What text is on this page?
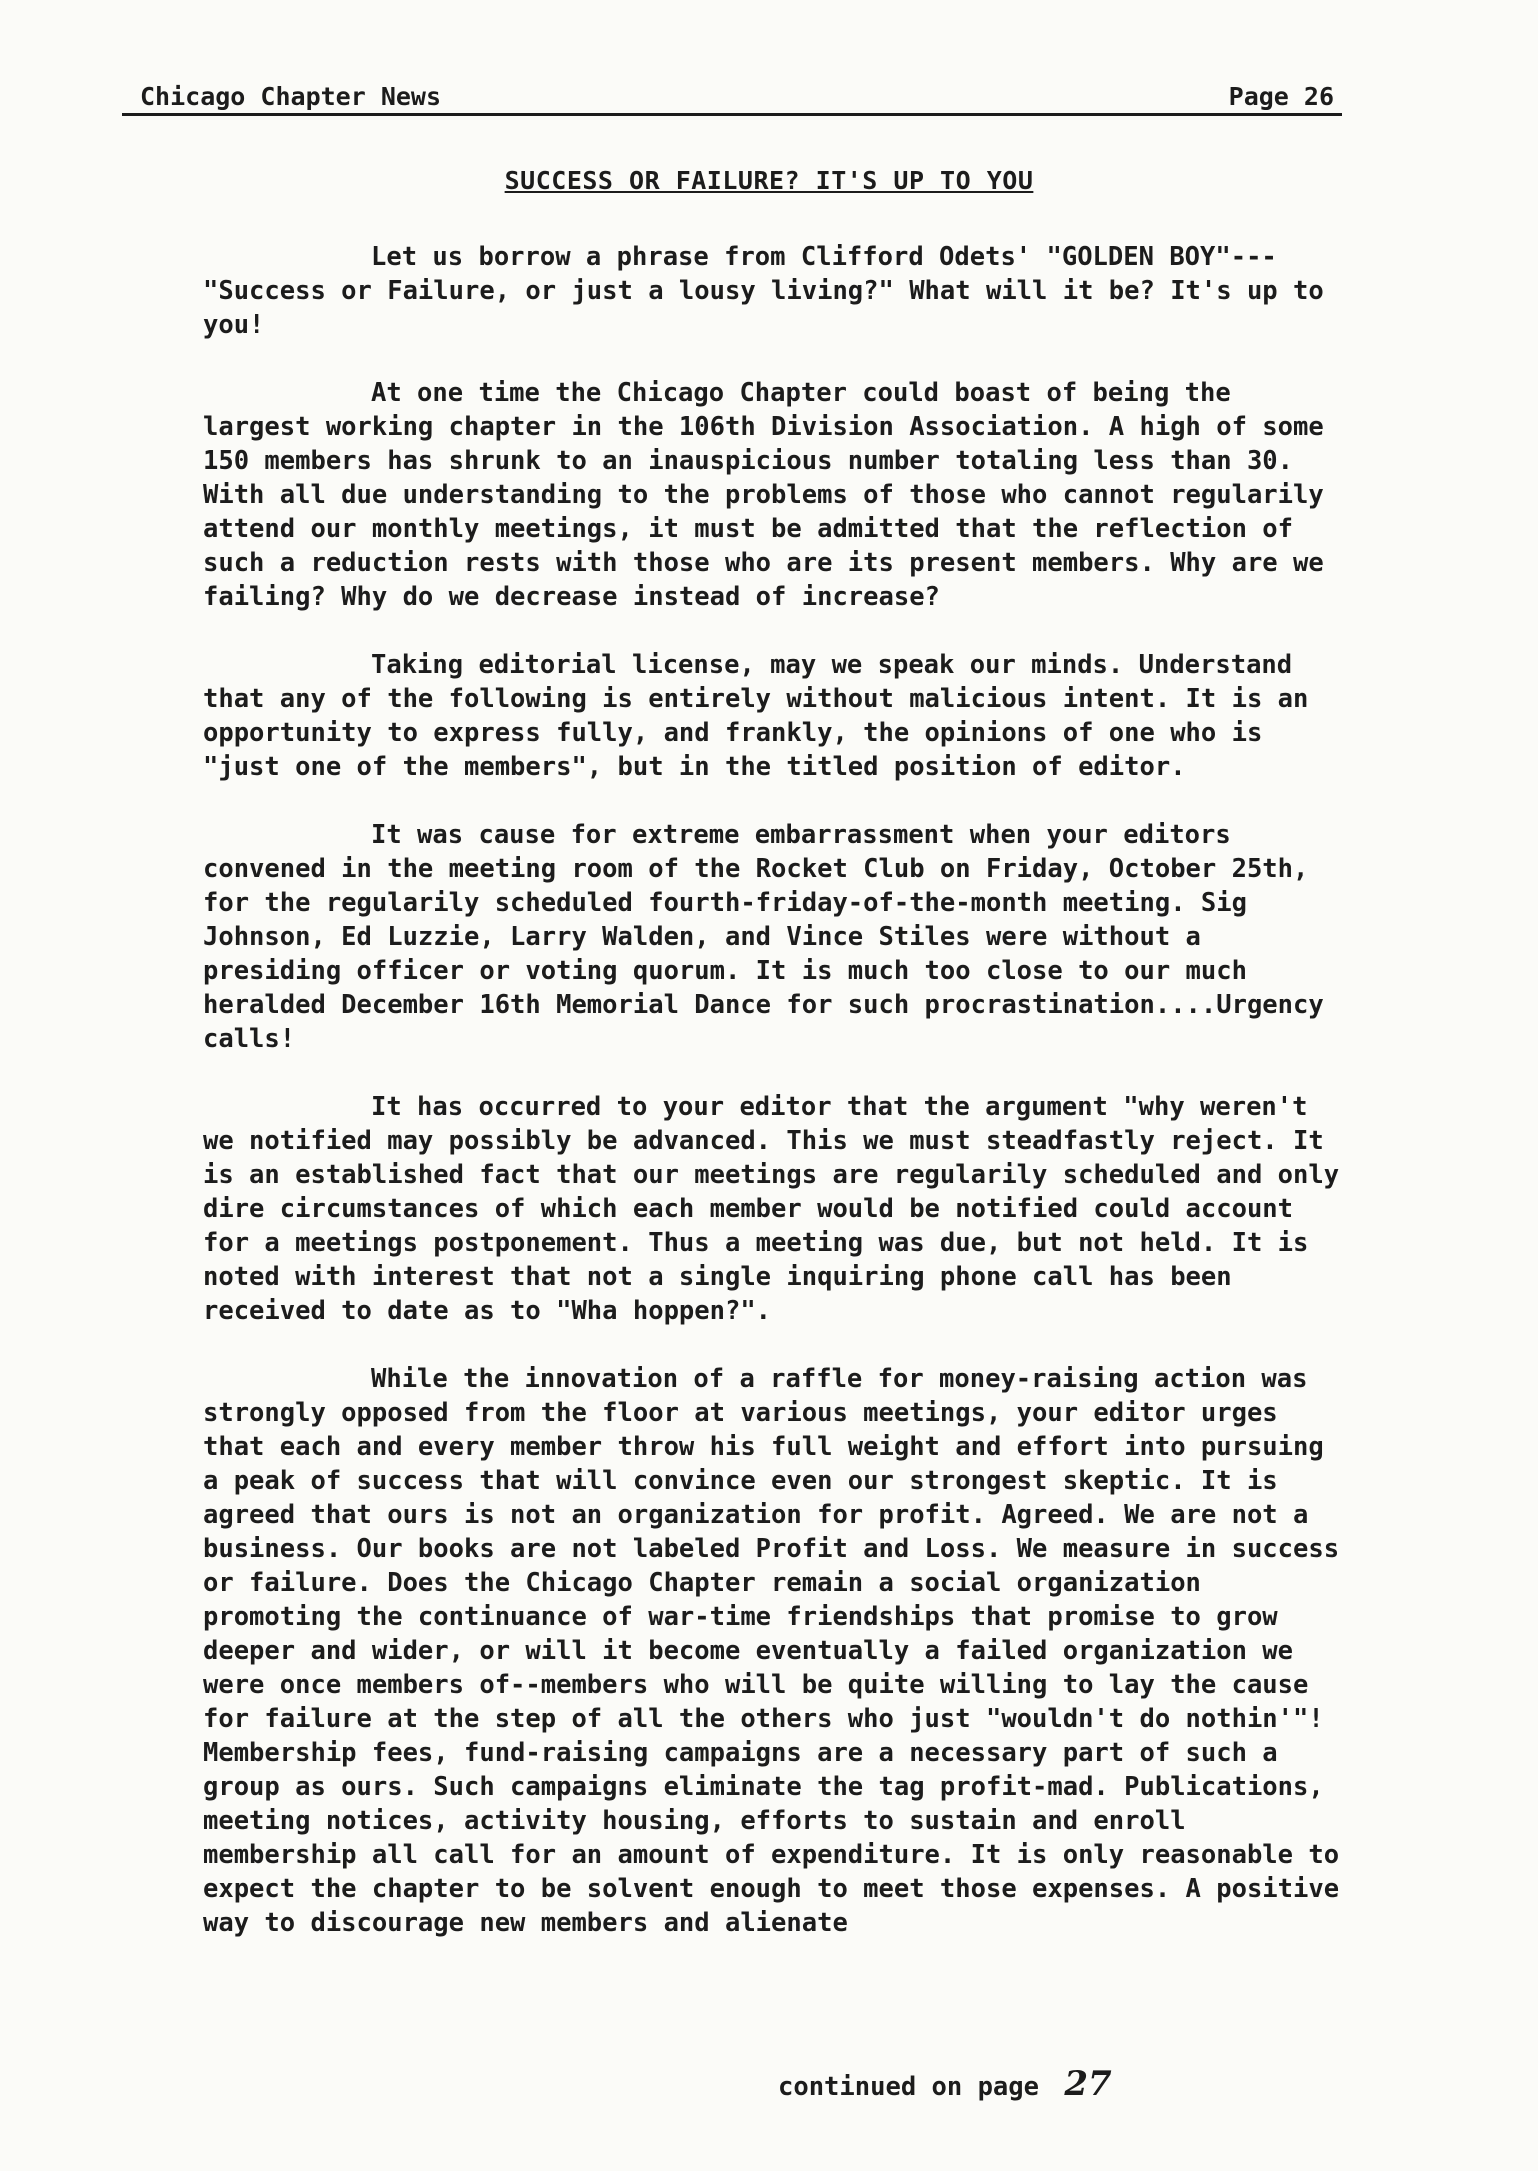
Chicago Chapter News	Page 26
SUCCESS OR FAILURE? IT'S UP TO YOU

Let us borrow a phrase from Clifford Odets' "GOLDEN BOY"---"Success or Failure, or just a lousy living?" What will it be? It's up to you!

At one time the Chicago Chapter could boast of being the largest working chapter in the 106th Division Association. A high of some 150 members has shrunk to an inauspicious number totaling less than 30. With all due understanding to the problems of those who cannot regularily attend our monthly meetings, it must be admitted that the reflection of such a reduction rests with those who are its present members. Why are we failing? Why do we decrease instead of increase?

Taking editorial license, may we speak our minds. Understand that any of the following is entirely without malicious intent. It is an opportunity to express fully, and frankly, the opinions of one who is "just one of the members", but in the titled position of editor.

It was cause for extreme embarrassment when your editors convened in the meeting room of the Rocket Club on Friday, October 25th, for the regularily scheduled fourth-friday-of-the-month meeting. Sig Johnson, Ed Luzzie, Larry Walden, and Vince Stiles were without a presiding officer or voting quorum. It is much too close to our much heralded December 16th Memorial Dance for such procrastination....Urgency calls!

It has occurred to your editor that the argument "why weren't we notified may possibly be advanced. This we must steadfastly reject. It is an established fact that our meetings are regularily scheduled and only dire circumstances of which each member would be notified could account for a meetings postponement. Thus a meeting was due, but not held. It is noted with interest that not a single inquiring phone call has been received to date as to "Wha hoppen?".

While the innovation of a raffle for money-raising action was strongly opposed from the floor at various meetings, your editor urges that each and every member throw his full weight and effort into pursuing a peak of success that will convince even our strongest skeptic. It is agreed that ours is not an organization for profit. Agreed. We are not a business. Our books are not labeled Profit and Loss. We measure in success or failure. Does the Chicago Chapter remain a social organization promoting the continuance of war-time friendships that promise to grow deeper and wider, or will it become eventually a failed organization we were once members of--members who will be quite willing to lay the cause for failure at the step of all the others who just "wouldn't do nothin'"! Membership fees, fund-raising campaigns are a necessary part of such a group as ours. Such campaigns eliminate the tag profit-mad. Publications, meeting notices, activity housing, efforts to sustain and enroll membership all call for an amount of expenditure. It is only reasonable to expect the chapter to be solvent enough to meet those expenses. A positive way to discourage new members and alienate

continued on page 27
